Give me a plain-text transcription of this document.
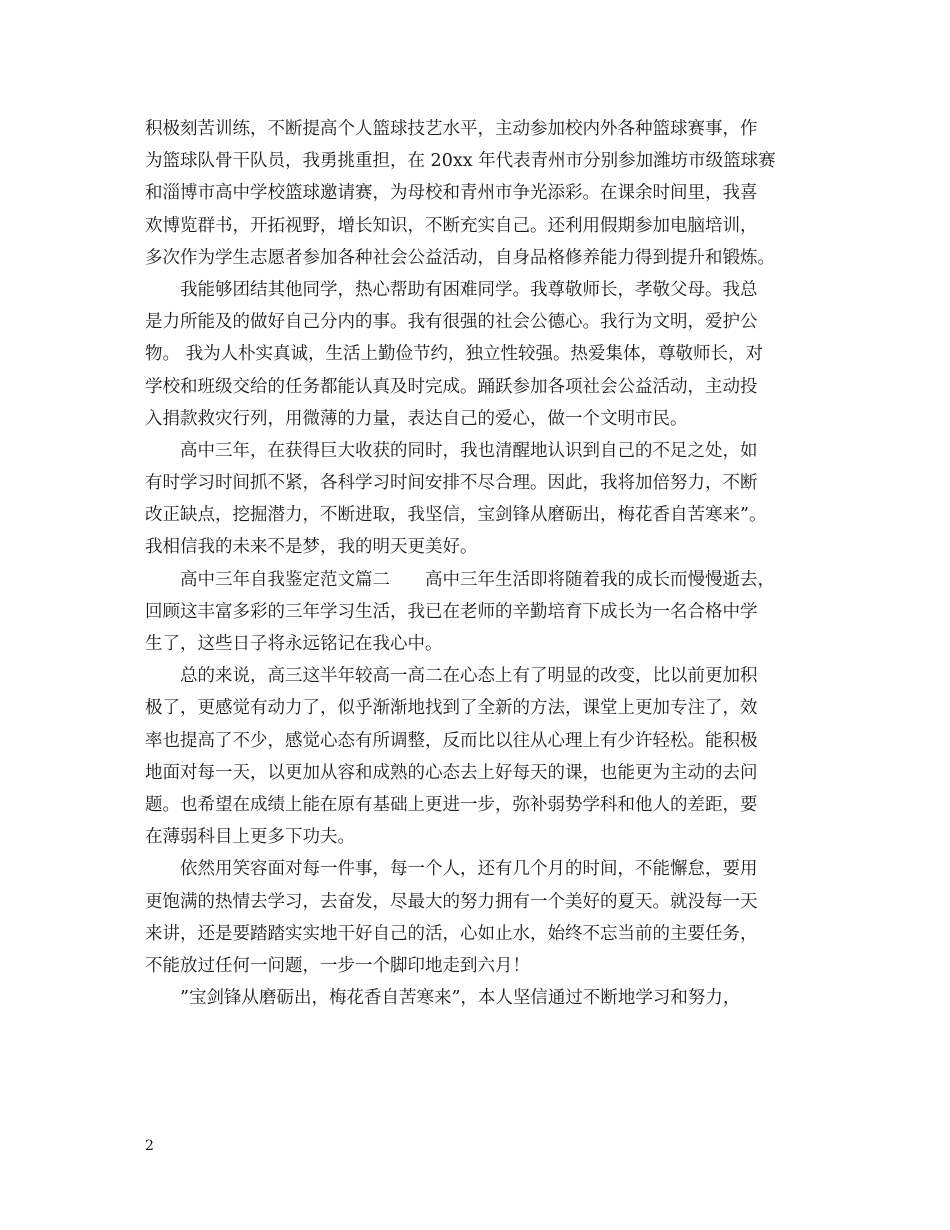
积极刻苦训练，不断提高个人篮球技艺水平，主动参加校内外各种篮球赛事，作
为篮球队骨干队员，我勇挑重担，在 20xx 年代表青州市分别参加潍坊市级篮球赛
和淄博市高中学校篮球邀请赛，为母校和青州市争光添彩。在课余时间里，我喜
欢博览群书，开拓视野，增长知识，不断充实自己。还利用假期参加电脑培训，
多次作为学生志愿者参加各种社会公益活动，自身品格修养能力得到提升和锻炼。
我能够团结其他同学，热心帮助有困难同学。我尊敬师长，孝敬父母。我总
是力所能及的做好自己分内的事。我有很强的社会公德心。我行为文明，爱护公
物。 我为人朴实真诚，生活上勤俭节约，独立性较强。热爱集体，尊敬师长，对
学校和班级交给的任务都能认真及时完成。踊跃参加各项社会公益活动，主动投
入捐款救灾行列，用微薄的力量，表达自己的爱心，做一个文明市民。
高中三年，在获得巨大收获的同时，我也清醒地认识到自己的不足之处，如
有时学习时间抓不紧，各科学习时间安排不尽合理。因此，我将加倍努力，不断
改正缺点，挖掘潜力，不断进取，我坚信，宝剑锋从磨砺出，梅花香自苦寒来”。
我相信我的未来不是梦，我的明天更美好。
高中三年自我鉴定范文篇二　　高中三年生活即将随着我的成长而慢慢逝去，
回顾这丰富多彩的三年学习生活，我已在老师的辛勤培育下成长为一名合格中学
生了，这些日子将永远铭记在我心中。
总的来说，高三这半年较高一高二在心态上有了明显的改变，比以前更加积
极了，更感觉有动力了，似乎渐渐地找到了全新的方法，课堂上更加专注了，效
率也提高了不少，感觉心态有所调整，反而比以往从心理上有少许轻松。能积极
地面对每一天，以更加从容和成熟的心态去上好每天的课，也能更为主动的去问
题。也希望在成绩上能在原有基础上更进一步，弥补弱势学科和他人的差距，要
在薄弱科目上更多下功夫。
依然用笑容面对每一件事，每一个人，还有几个月的时间，不能懈怠，要用
更饱满的热情去学习，去奋发，尽最大的努力拥有一个美好的夏天。就没每一天
来讲，还是要踏踏实实地干好自己的活，心如止水，始终不忘当前的主要任务，
不能放过任何一问题，一步一个脚印地走到六月！
”宝剑锋从磨砺出，梅花香自苦寒来”，本人坚信通过不断地学习和努力，
2
